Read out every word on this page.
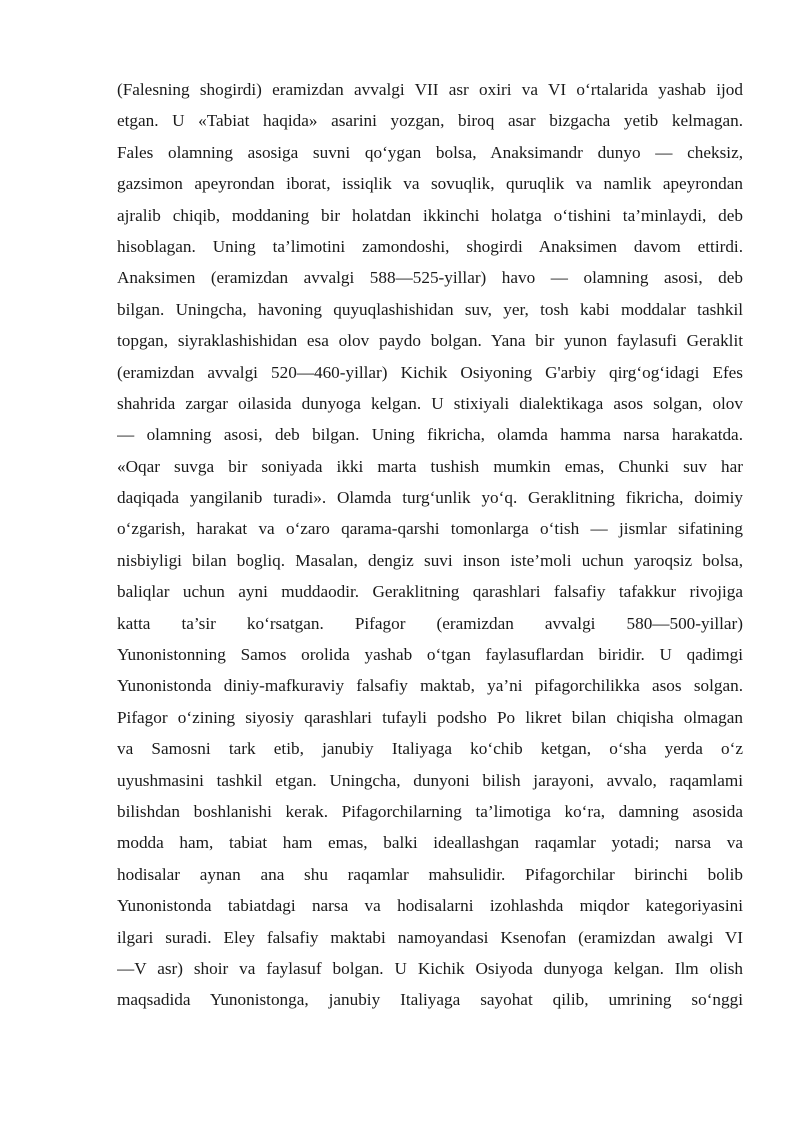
(Falesning shogirdi) eramizdan avvalgi VII asr oxiri va VI o‘rtalarida yashab ijod
etgan. U «Tabiat haqida» asarini yozgan, biroq asar bizgacha yetib kelmagan.
Fales olamning asosiga suvni qo‘ygan bolsa, Anaksimandr dunyo — cheksiz,
gazsimon apeyrondan iborat, issiqlik va sovuqlik, quruqlik va namlik apeyrondan
ajralib chiqib, moddaning bir holatdan ikkinchi holatga o‘tishini ta’minlaydi, deb
hisoblagan. Uning ta’limotini zamondoshi, shogirdi Anaksimen davom ettirdi.
Anaksimen (eramizdan avvalgi 588—525-yillar) havo — olamning asosi, deb
bilgan. Uningcha, havoning quyuqlashishidan suv, yer, tosh kabi moddalar tashkil
topgan, siyraklashishidan esa olov paydo bolgan. Yana bir yunon faylasufi Geraklit
(eramizdan avvalgi 520—460-yillar) Kichik Osiyoning G'arbiy qirg‘og‘idagi Efes
shahrida zargar oilasida dunyoga kelgan. U stixiyali dialektikaga asos solgan, olov
— olamning asosi, deb bilgan. Uning fikricha, olamda hamma narsa harakatda.
«Oqar suvga bir soniyada ikki marta tushish mumkin emas, Chunki suv har
daqiqada yangilanib turadi». Olamda turg‘unlik yo‘q. Geraklitning fikricha, doimiy
o‘zgarish, harakat va o‘zaro qarama-qarshi tomonlarga o‘tish — jismlar sifatining
nisbiyligi bilan bogliq. Masalan, dengiz suvi inson iste’moli uchun yaroqsiz bolsa,
baliqlar uchun ayni muddaodir. Geraklitning qarashlari falsafiy tafakkur rivojiga
katta ta’sir ko‘rsatgan. Pifagor (eramizdan avvalgi 580—500-yillar)
Yunonistonning Samos orolida yashab o‘tgan faylasuflardan biridir. U qadimgi
Yunonistonda diniy-mafkuraviy falsafiy maktab, ya’ni pifagorchilikka asos solgan.
Pifagor o‘zining siyosiy qarashlari tufayli podsho Po likret bilan chiqisha olmagan
va Samosni tark etib, janubiy Italiyaga ko‘chib ketgan, o‘sha yerda o‘z
uyushmasini tashkil etgan. Uningcha, dunyoni bilish jarayoni, avvalo, raqamlami
bilishdan boshlanishi kerak. Pifagorchilarning ta’limotiga ko‘ra, damning asosida
modda ham, tabiat ham emas, balki ideallashgan raqamlar yotadi; narsa va
hodisalar aynan ana shu raqamlar mahsulidir. Pifagorchilar birinchi bolib
Yunonistonda tabiatdagi narsa va hodisalarni izohlashda miqdor kategoriyasini
ilgari suradi. Eley falsafiy maktabi namoyandasi Ksenofan (eramizdan awalgi VI
—V asr) shoir va faylasuf bolgan. U Kichik Osiyoda dunyoga kelgan. Ilm olish
maqsadida Yunonistonga, janubiy Italiyaga sayohat qilib, umrining so‘nggi
